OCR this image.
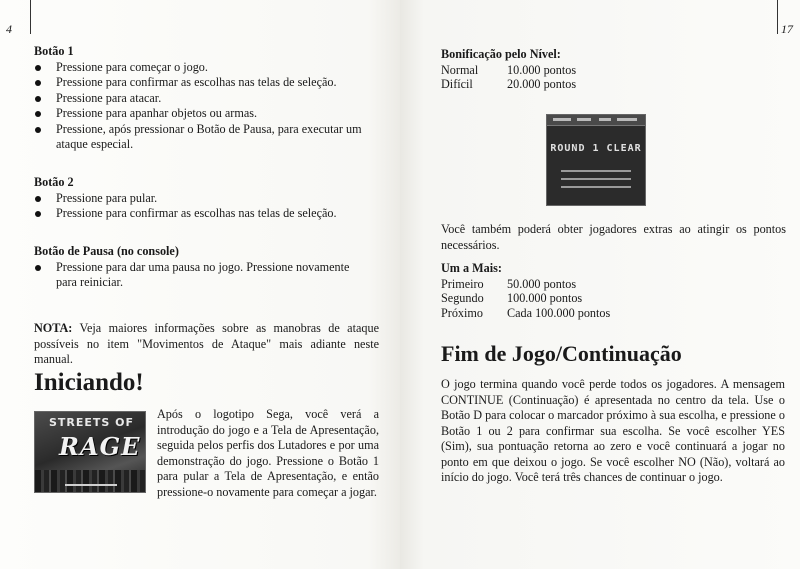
4
Botão 1
Pressione para começar o jogo.
Pressione para confirmar as escolhas nas telas de seleção.
Pressione para atacar.
Pressione para apanhar objetos ou armas.
Pressione, após pressionar o Botão de Pausa, para executar um ataque especial.
Botão 2
Pressione para pular.
Pressione para confirmar as escolhas nas telas de seleção.
Botão de Pausa (no console)
Pressione para dar uma pausa no jogo. Pressione novamente para reiniciar.
NOTA: Veja maiores informações sobre as manobras de ataque possíveis no item "Movimentos de Ataque" mais adiante neste manual.
Iniciando!
STREETS OF
RAGE
Após o logotipo Sega, você verá a introdução do jogo e a Tela de Apresentação, seguida pelos perfis dos Lutadores e por uma demonstração do jogo. Pressione o Botão 1 para pular a Tela de Apresentação, e então pressione-o novamente para começar a jogar.
17
Bonificação pelo Nível:
Normal	10.000 pontos
Difícil	20.000 pontos
ROUND 1 CLEAR
Você também poderá obter jogadores extras ao atingir os pontos necessários.
Um a Mais:
Primeiro	50.000 pontos
Segundo	100.000 pontos
Próximo	Cada 100.000 pontos
Fim de Jogo/Continuação
O jogo termina quando você perde todos os jogadores. A mensagem CONTINUE (Continuação) é apresentada no centro da tela. Use o Botão D para colocar o marcador próximo à sua escolha, e pressione o Botão 1 ou 2 para confirmar sua escolha. Se você escolher YES (Sim), sua pontuação retorna ao zero e você continuará a jogar no ponto em que deixou o jogo. Se você escolher NO (Não), voltará ao início do jogo. Você terá três chances de continuar o jogo.
